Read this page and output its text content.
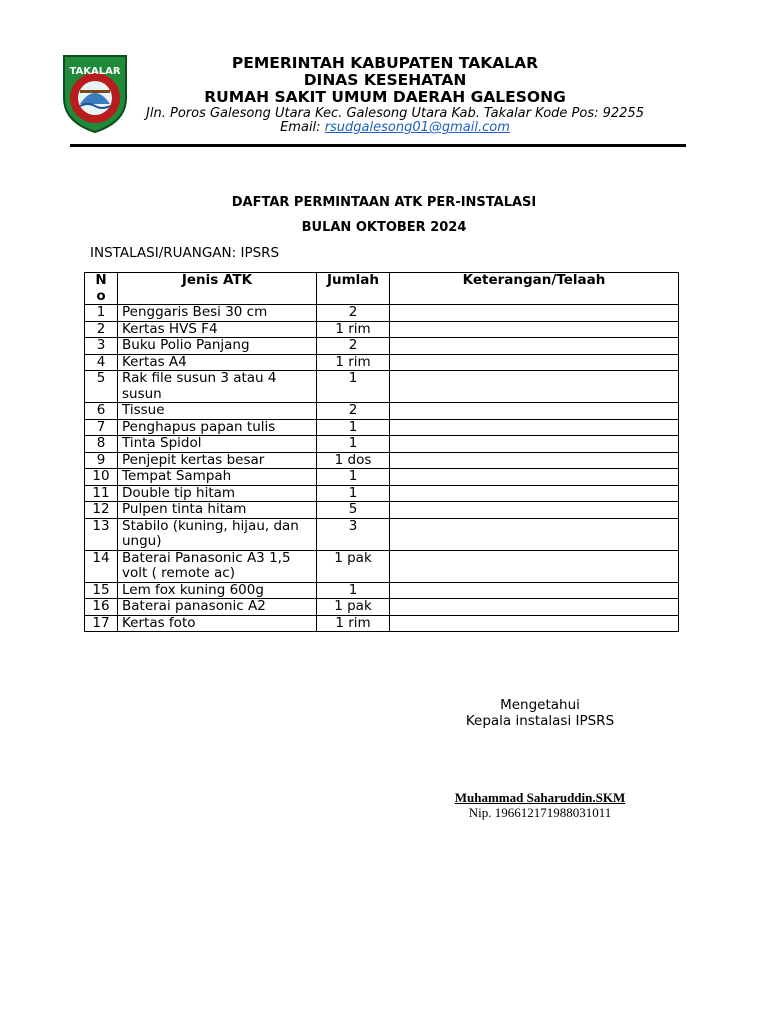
TAKALAR	PEMERINTAH KABUPATEN TAKALAR
DINAS KESEHATAN
RUMAH SAKIT UMUM DAERAH GALESONG
Jln. Poros Galesong Utara Kec. Galesong Utara Kab. Takalar Kode Pos: 92255
Email: rsudgalesong01@gmail.com
DAFTAR PERMINTAAN ATK PER-INSTALASI
BULAN OKTOBER 2024
INSTALASI/RUANGAN: IPSRS
N o	Jenis ATK	Jumlah	Keterangan/Telaah
1	Penggaris Besi 30 cm	2	
2	Kertas HVS F4	1 rim	
3	Buku Polio Panjang	2	
4	Kertas A4	1 rim	
5	Rak file susun 3 atau 4 susun	1	
6	Tissue	2	
7	Penghapus papan tulis	1	
8	Tinta Spidol	1	
9	Penjepit kertas besar	1 dos	
10	Tempat Sampah	1	
11	Double tip hitam	1	
12	Pulpen tinta hitam	5	
13	Stabilo (kuning, hijau, dan ungu)	3	
14	Baterai Panasonic A3 1,5 volt ( remote ac)	1 pak	
15	Lem fox kuning 600g	1	
16	Baterai panasonic A2	1 pak	
17	Kertas foto	1 rim	
Mengetahui
Kepala instalasi IPSRS
Muhammad Saharuddin.SKM
Nip. 196612171988031011
